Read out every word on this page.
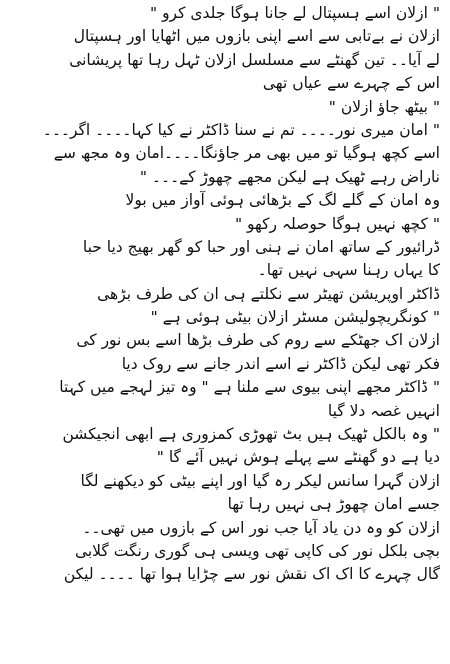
" ازلان اسے ہسپتال لے جانا ہوگا جلدی کرو "
ازلان نے بےتابی سے اسے اپنی بازوں میں اٹھایا اور ہسپتال
لے آیا۔۔ تین گھنٹے سے مسلسل ازلان ٹہل رہا تھا پریشانی
اس کے چہرے سے عیاں تھی
" بیٹھ جاؤ ازلان "
" امان میری نور۔۔۔۔ تم نے سنا ڈاکٹر نے کیا کہا۔۔۔۔ اگر۔۔۔
اسے کچھ ہوگیا تو میں بھی مر جاؤنگا۔۔۔۔امان وہ مجھ سے
ناراض رہے ٹھیک ہے لیکن مجھے چھوڑ کے۔۔۔ "
وہ امان کے گلے لگ کے بڑھائی ہوئی آواز میں بولا
" کچھ نہیں ہوگا حوصلہ رکھو "
ڈرائیور کے ساتھ امان نے ہنی اور حبا کو گھر بھیج دیا حبا
کا یہاں رہنا سہی نہیں تھا۔
ڈاکٹر اوپریشن تھیٹر سے نکلتے ہی ان کی طرف بڑھی
" کونگریچولیشن مسٹر ازلان بیٹی ہوئی ہے "
ازلان اک جھٹکے سے روم کی طرف بڑھا اسے بس نور کی
فکر تھی لیکن ڈاکٹر نے اسے اندر جانے سے روک دیا
" ڈاکٹر مجھے اپنی بیوی سے ملنا ہے " وہ تیز لہجے میں کہتا
انہیں غصہ دلا گیا
" وہ بالکل ٹھیک ہیں بٹ تھوڑی کمزوری ہے ابھی انجیکشن
دیا ہے دو گھنٹے سے پہلے ہوش نہیں آئے گا "
ازلان گہرا سانس لیکر رہ گیا اور اپنے بیٹی کو دیکھنے لگا
جسے امان چھوڑ ہی نہیں رہا تھا
ازلان کو وہ دن یاد آیا جب نور اس کے بازوں میں تھی۔۔
بچی بلکل نور کی کاپی تھی ویسی ہی گوری رنگت گلابی
گال چہرے کا اک اک نقش نور سے چڑایا ہوا تھا ۔۔۔۔ لیکن
